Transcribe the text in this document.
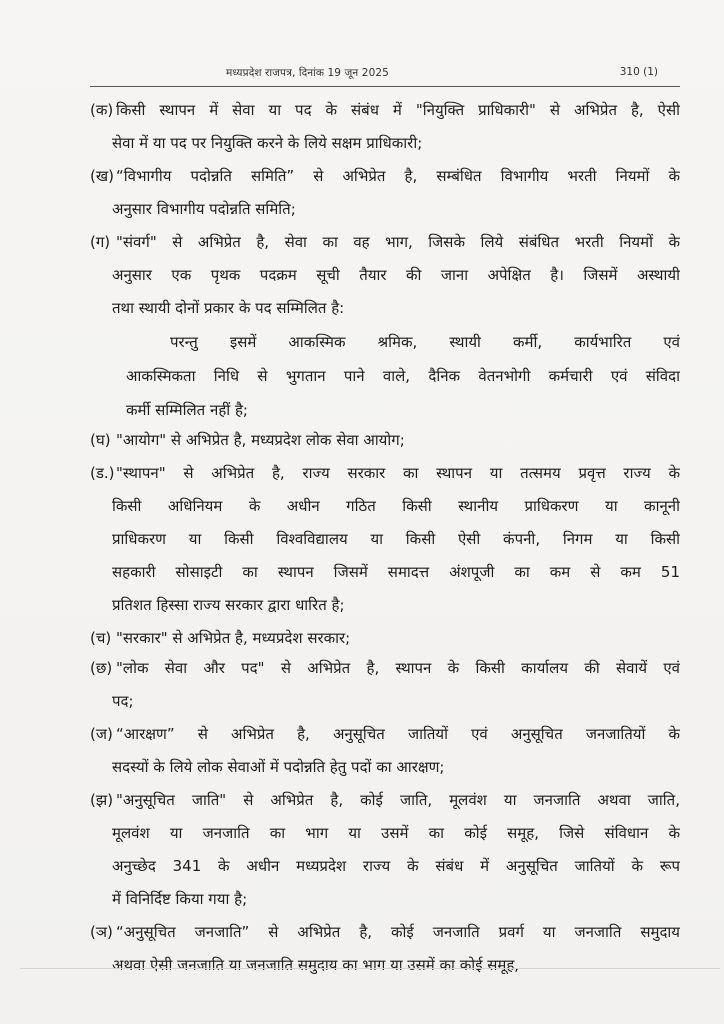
मध्यप्रदेश राजपत्र, दिनांक 19 जून 2025	310 (1)
(क) किसी स्थापन में सेवा या पद के संबंध में "नियुक्ति प्राधिकारी" से अभिप्रेत है, ऐसी
सेवा में या पद पर नियुक्ति करने के लिये सक्षम प्राधिकारी;
(ख) “विभागीय पदोन्नति समिति” से अभिप्रेत है, सम्बंधित विभागीय भरती नियमों के
अनुसार विभागीय पदोन्नति समिति;
(ग) "संवर्ग" से अभिप्रेत है, सेवा का वह भाग, जिसके लिये संबंधित भरती नियमों के
अनुसार एक पृथक पदक्रम सूची तैयार की जाना अपेक्षित है। जिसमें अस्थायी
तथा स्थायी दोनों प्रकार के पद सम्मिलित है:
परन्तु इसमें आकस्मिक श्रमिक, स्थायी कर्मी, कार्यभारित एवं
आकस्मिकता निधि से भुगतान पाने वाले, दैनिक वेतनभोगी कर्मचारी एवं संविदा
कर्मी सम्मिलित नहीं है;
(घ) "आयोग" से अभिप्रेत है, मध्यप्रदेश लोक सेवा आयोग;
(ड.) "स्थापन" से अभिप्रेत है, राज्य सरकार का स्थापन या तत्समय प्रवृत्त राज्य के
किसी अधिनियम के अधीन गठित किसी स्थानीय प्राधिकरण या कानूनी
प्राधिकरण या किसी विश्वविद्यालय या किसी ऐसी कंपनी, निगम या किसी
सहकारी सोसाइटी का स्थापन जिसमें समादत्त अंशपूजी का कम से कम 51
प्रतिशत हिस्सा राज्य सरकार द्वारा धारित है;
(च) "सरकार" से अभिप्रेत है, मध्यप्रदेश सरकार;
(छ) "लोक सेवा और पद" से अभिप्रेत है, स्थापन के किसी कार्यालय की सेवायें एवं
पद;
(ज) “आरक्षण” से अभिप्रेत है, अनुसूचित जातियों एवं अनुसूचित जनजातियों के
सदस्यों के लिये लोक सेवाओं में पदोन्नति हेतु पदों का आरक्षण;
(झ) "अनुसूचित जाति" से अभिप्रेत है, कोई जाति, मूलवंश या जनजाति अथवा जाति,
मूलवंश या जनजाति का भाग या उसमें का कोई समूह, जिसे संविधान के
अनुच्छेद 341 के अधीन मध्यप्रदेश राज्य के संबंध में अनुसूचित जातियों के रूप
में विनिर्दिष्ट किया गया है;
(ञ) “अनुसूचित जनजाति” से अभिप्रेत है, कोई जनजाति प्रवर्ग या जनजाति समुदाय
अथवा ऐसी जनजाति या जनजाति समुदाय का भाग या उसमें का कोई समूह,
